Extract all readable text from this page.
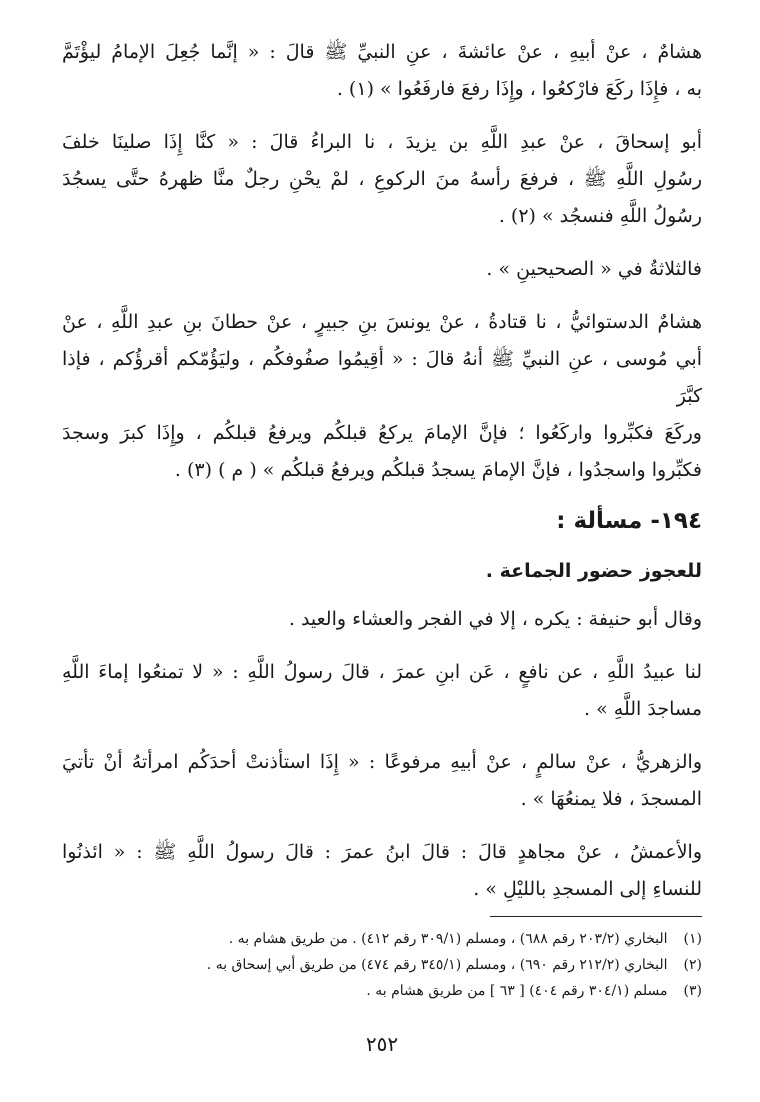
هشامٌ ، عنْ أبيهِ ، عنْ عائشةَ ، عنِ النبيِّ ﷺ قالَ : « إنَّما جُعِلَ الإمامُ ليؤْتَمَّ
به ، فإِذَا ركَعَ فارْكعُوا ، وإِذَا رفعَ فارفَعُوا » (١) .

أبو إسحاقَ ، عنْ عبدِ اللَّهِ بن يزيدَ ، نا البراءُ قالَ : « كنَّا إِذَا صلينَا خلفَ
رسُولِ اللَّهِ ﷺ ، فرفعَ رأسهُ منَ الركوعِ ، لمْ يحْنِ رجلٌ منَّا ظهرهُ حتَّى يسجُدَ
رسُولُ اللَّهِ فنسجُد » (٢) .

فالثلاثةُ في « الصحيحينِ » .

هشامٌ الدستوائيُّ ، نا قتادةُ ، عنْ يونسَ بنِ جبيرٍ ، عنْ حطانَ بنِ عبدِ اللَّهِ ، عنْ
أبي مُوسى ، عنِ النبيِّ ﷺ أنهُ قالَ : « أقِيمُوا صفُوفكُم ، وليَؤُمّكم أقرؤُكم ، فإذا كبَّرَ
وركَعَ فكبِّروا واركَعُوا ؛ فإنَّ الإمامَ يركعُ قبلكُم ويرفعُ قبلكُم ، وإِذَا كبرَ وسجدَ
فكبِّروا واسجدُوا ، فإنَّ الإمامَ يسجدُ قبلكُم ويرفعُ قبلكُم » ( م ) (٣) .

١٩٤- مسألة :
للعجوز حضور الجماعة .

وقال أبو حنيفة : يكره ، إلا في الفجر والعشاء والعيد .

لنا عبيدُ اللَّهِ ، عن نافعٍ ، عَن ابنِ عمرَ ، قالَ رسولُ اللَّهِ : « لا تمنعُوا إماءَ اللَّهِ
مساجدَ اللَّهِ » .

والزهريُّ ، عنْ سالمٍ ، عنْ أبيهِ مرفوعًا : « إِذَا استأذنتْ أحدَكُم امرأتهُ أنْ تأتيَ
المسجدَ ، فلا يمنعُهَا » .

والأعمشُ ، عنْ مجاهدٍ قالَ : قالَ ابنُ عمرَ : قالَ رسولُ اللَّهِ ﷺ : « ائذنُوا
للنساءِ إلى المسجدِ بالليْلِ » .

(١) البخاري (٢٠٣/٢ رقم ٦٨٨) ، ومسلم (٣٠٩/١ رقم ٤١٢) . من طريق هشام به .
(٢) البخاري (٢١٢/٢ رقم ٦٩٠) ، ومسلم (٣٤٥/١ رقم ٤٧٤) من طريق أبي إسحاق به .
(٣) مسلم (٣٠٤/١ رقم ٤٠٤) [ ٦٣ ] من طريق هشام به .
٢٥٢
